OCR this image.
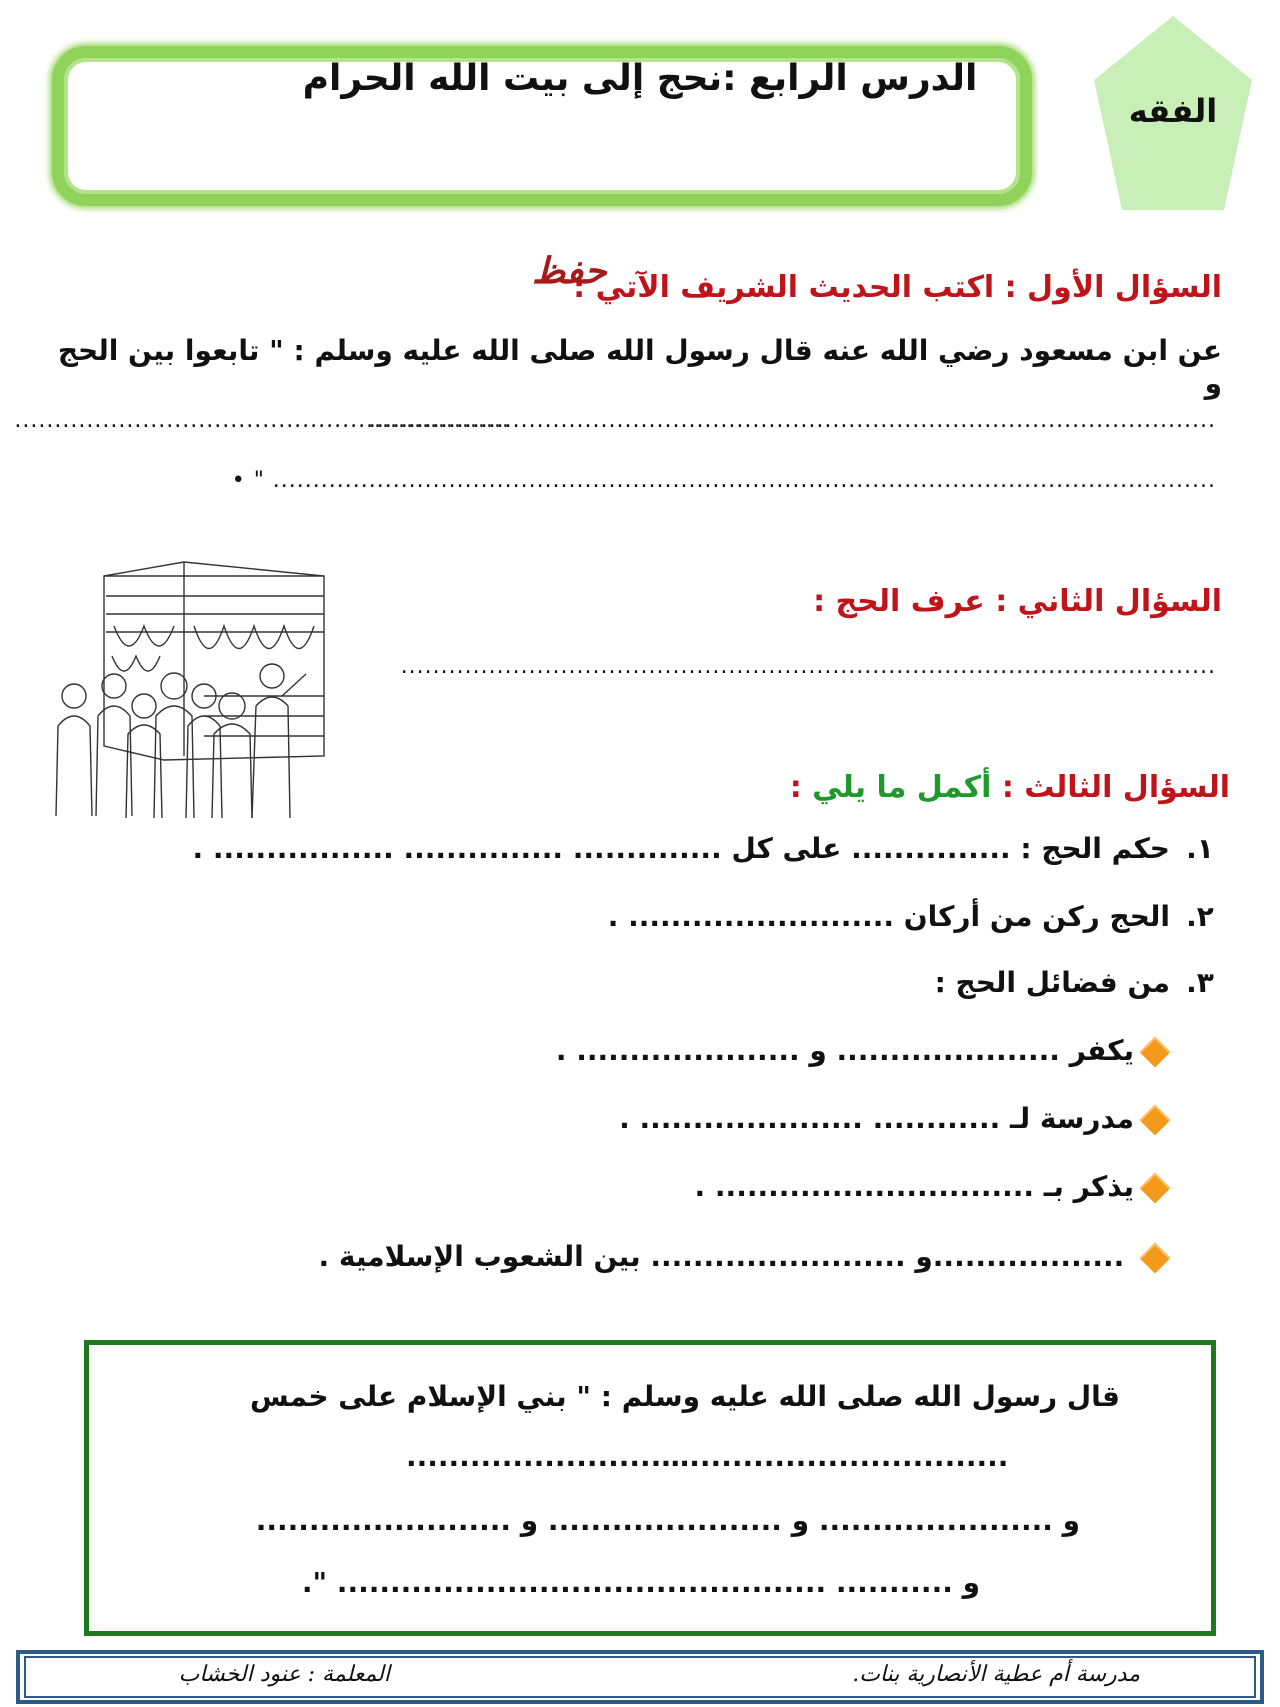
الدرس الرابع :نحج إلى بيت الله الحرام
الفقه
السؤال الأول : اكتب الحديث الشريف الآتي :
حفظ
عن ابن مسعود رضي الله عنه قال رسول الله صلى الله عليه وسلم : " تابعوا بين الحج و
..........................................................................................................
..............................................................
...................................................................................................................... " •
السؤال الثاني : عرف الحج :
......................................................................................................
السؤال الثالث : أكمل ما يلي :
١.حكم الحج : ............... على كل .............. ............... ................. .
٢.الحج ركن من أركان ......................... .
٣.من فضائل الحج :
يكفر ..................... و ..................... .
مدرسة لـ ............ ..................... .
يذكر بـ .............................. .
..................و ........................ بين الشعوب الإسلامية .
قال رسول الله صلى الله عليه وسلم : " بني الإسلام على خمس
........................…..............................
و ...................... و ...................... و ........................
و ........... .............................................. ".
مدرسة أم عطية الأنصارية بنات.
المعلمة : عنود الخشاب
